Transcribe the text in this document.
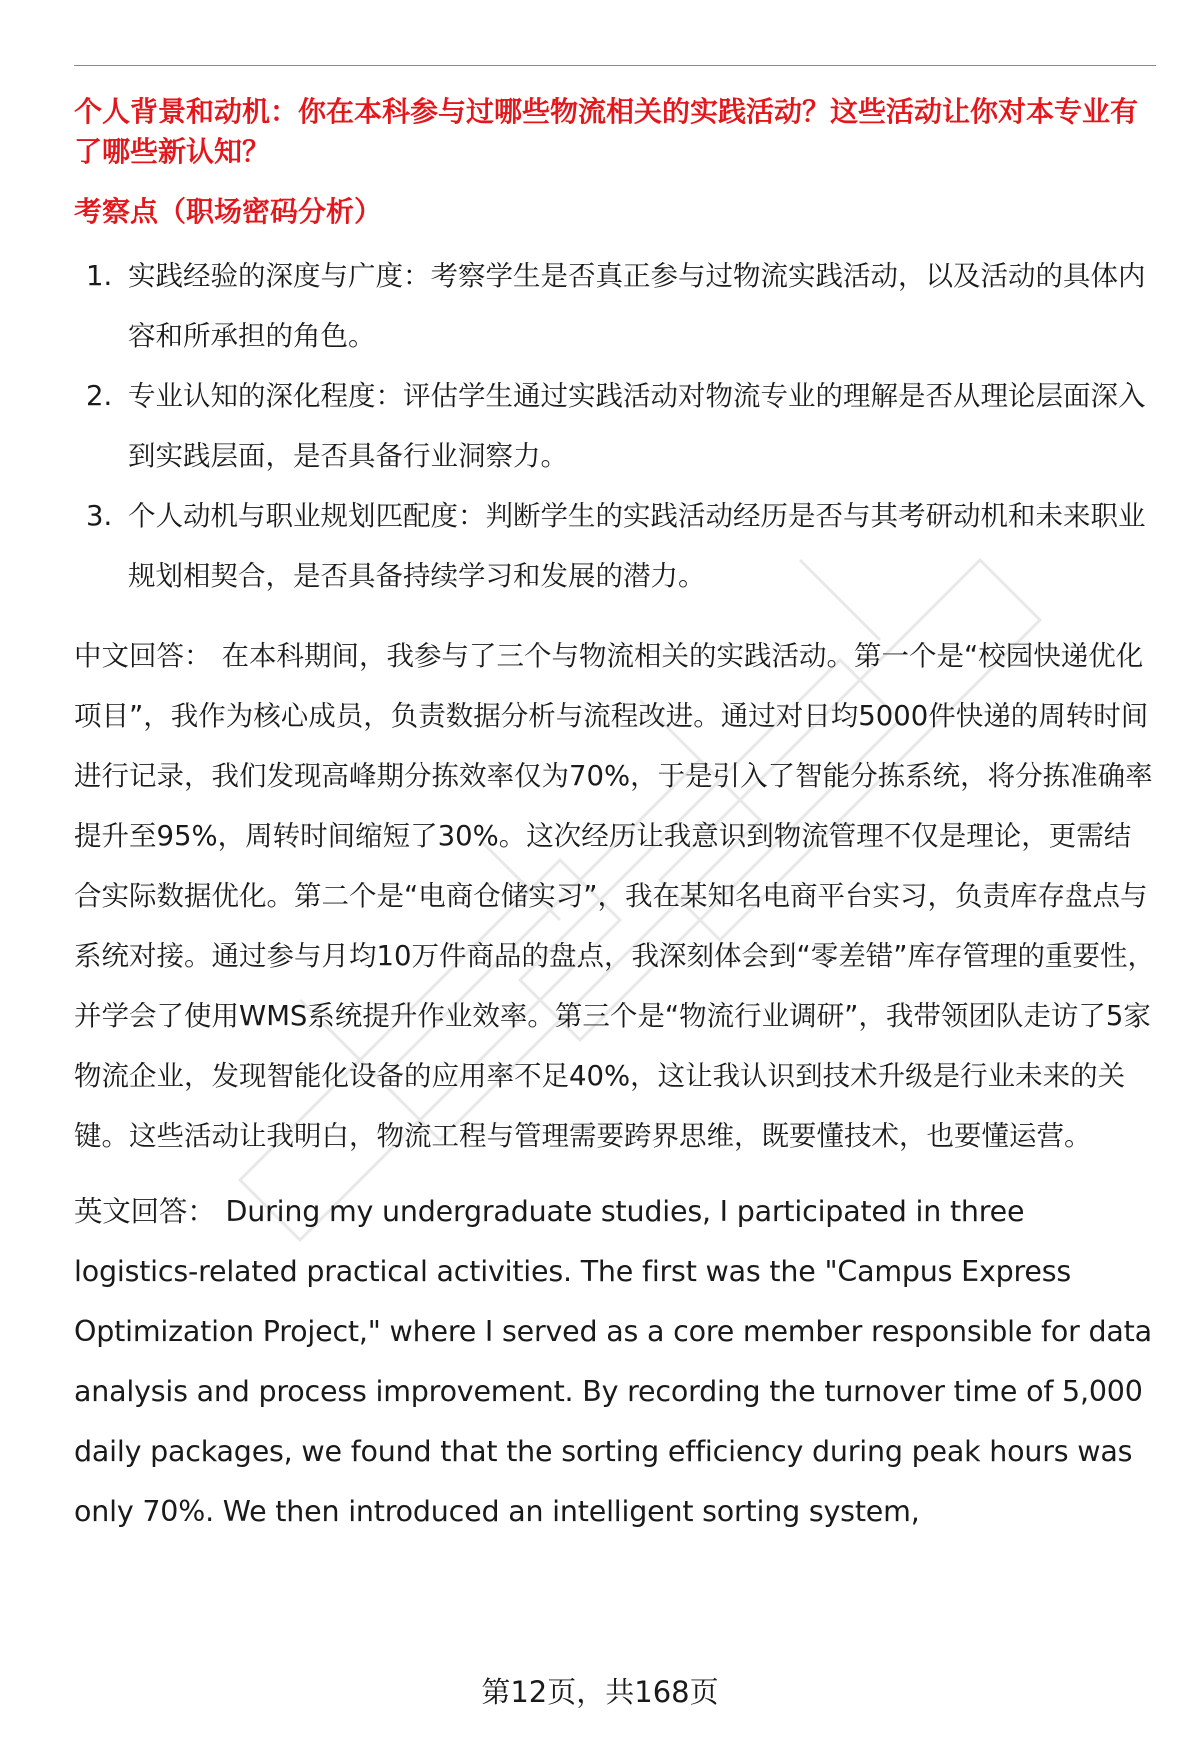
个人背景和动机：你在本科参与过哪些物流相关的实践活动？这些活动让你对本专业有了哪些新认知？
考察点（职场密码分析）
1. 实践经验的深度与广度：考察学生是否真正参与过物流实践活动，以及活动的具体内容和所承担的角色。
2. 专业认知的深化程度：评估学生通过实践活动对物流专业的理解是否从理论层面深入到实践层面，是否具备行业洞察力。
3. 个人动机与职业规划匹配度：判断学生的实践活动经历是否与其考研动机和未来职业规划相契合，是否具备持续学习和发展的潜力。

中文回答： 在本科期间，我参与了三个与物流相关的实践活动。第一个是“校园快递优化项目”，我作为核心成员，负责数据分析与流程改进。通过对日均5000件快递的周转时间进行记录，我们发现高峰期分拣效率仅为70%，于是引入了智能分拣系统，将分拣准确率提升至95%，周转时间缩短了30%。这次经历让我意识到物流管理不仅是理论，更需结合实际数据优化。第二个是“电商仓储实习”，我在某知名电商平台实习，负责库存盘点与系统对接。通过参与月均10万件商品的盘点，我深刻体会到“零差错”库存管理的重要性，并学会了使用WMS系统提升作业效率。第三个是“物流行业调研”，我带领团队走访了5家物流企业，发现智能化设备的应用率不足40%，这让我认识到技术升级是行业未来的关键。这些活动让我明白，物流工程与管理需要跨界思维，既要懂技术，也要懂运营。

英文回答： During my undergraduate studies, I participated in three logistics-related practical activities. The first was the "Campus Express Optimization Project," where I served as a core member responsible for data analysis and process improvement. By recording the turnover time of 5,000 daily packages, we found that the sorting efficiency during peak hours was only 70%. We then introduced an intelligent sorting system,

第12页，共168页
